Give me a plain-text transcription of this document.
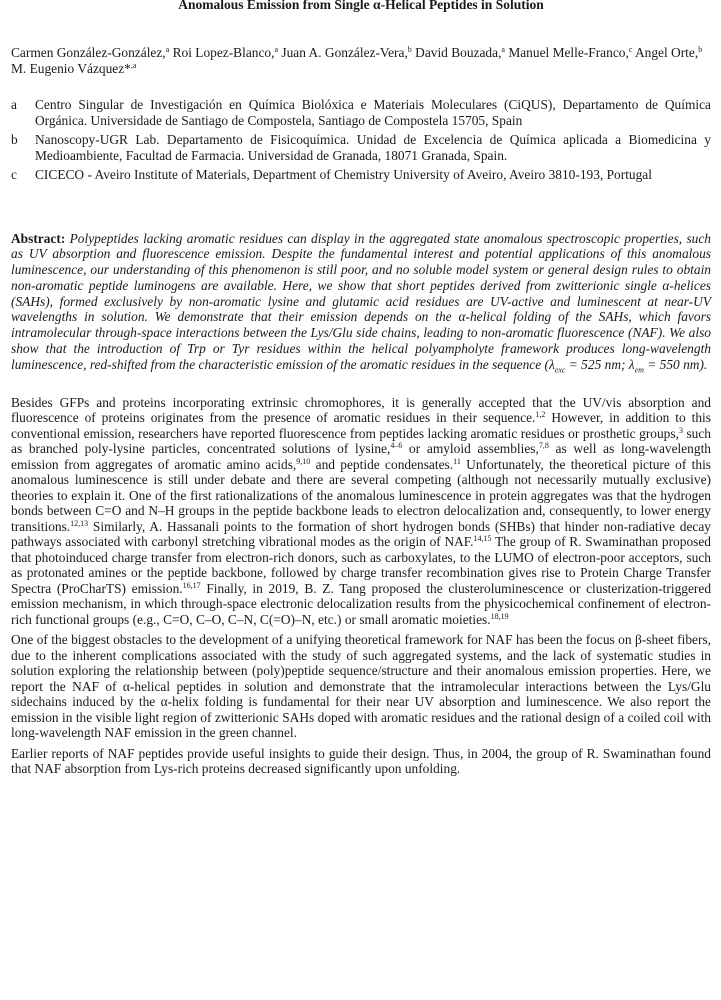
Anomalous Emission from Single α-Helical Peptides in Solution
Carmen González-González,$^a$ Roi Lopez-Blanco,$^a$ Juan A. González-Vera,$^b$ David Bouzada,$^a$ Manuel Melle-Franco,$^c$ Angel Orte,$^b$ M. Eugenio Vázquez*$^{,a}$
a	Centro Singular de Investigación en Química Biolóxica e Materiais Moleculares (CiQUS), Departamento de Química Orgánica. Universidade de Santiago de Compostela, Santiago de Compostela 15705, Spain
b	Nanoscopy-UGR Lab. Departamento de Fisicoquímica. Unidad de Excelencia de Química aplicada a Biomedicina y Medioambiente, Facultad de Farmacia. Universidad de Granada, 18071 Granada, Spain.
c	CICECO - Aveiro Institute of Materials, Department of Chemistry University of Aveiro, Aveiro 3810-193, Portugal
Abstract: Polypeptides lacking aromatic residues can display in the aggregated state anomalous spectroscopic properties, such as UV absorption and fluorescence emission. Despite the fundamental interest and potential applications of this anomalous luminescence, our understanding of this phenomenon is still poor, and no soluble model system or general design rules to obtain non-aromatic peptide luminogens are available. Here, we show that short peptides derived from zwitterionic single α-helices (SAHs), formed exclusively by non-aromatic lysine and glutamic acid residues are UV-active and luminescent at near-UV wavelengths in solution. We demonstrate that their emission depends on the α-helical folding of the SAHs, which favors intramolecular through-space interactions between the Lys/Glu side chains, leading to non-aromatic fluorescence (NAF). We also show that the introduction of Trp or Tyr residues within the helical polyampholyte framework produces long-wavelength luminescence, red-shifted from the characteristic emission of the aromatic residues in the sequence ($\lambda_{exc} = 525$ nm; $\lambda_{em} = 550$ nm).

Besides GFPs and proteins incorporating extrinsic chromophores, it is generally accepted that the UV/vis absorption and fluorescence of proteins originates from the presence of aromatic residues in their sequence.$^{1,2}$ However, in addition to this conventional emission, researchers have reported fluorescence from peptides lacking aromatic residues or prosthetic groups,$^3$ such as branched poly-lysine particles, concentrated solutions of lysine,$^{4-6}$ or amyloid assemblies,$^{7,8}$ as well as long-wavelength emission from aggregates of aromatic amino acids,$^{9,10}$ and peptide condensates.$^{11}$ Unfortunately, the theoretical picture of this anomalous luminescence is still under debate and there are several competing (although not necessarily mutually exclusive) theories to explain it. One of the first rationalizations of the anomalous luminescence in protein aggregates was that the hydrogen bonds between C=O and N–H groups in the peptide backbone leads to electron delocalization and, consequently, to lower energy transitions.$^{12,13}$ Similarly, A. Hassanali points to the formation of short hydrogen bonds (SHBs) that hinder non-radiative decay pathways associated with carbonyl stretching vibrational modes as the origin of NAF.$^{14,15}$ The group of R. Swaminathan proposed that photoinduced charge transfer from electron-rich donors, such as carboxylates, to the LUMO of electron-poor acceptors, such as protonated amines or the peptide backbone, followed by charge transfer recombination gives rise to Protein Charge Transfer Spectra (ProCharTS) emission.$^{16,17}$ Finally, in 2019, B. Z. Tang proposed the clusteroluminescence or clusterization-triggered emission mechanism, in which through-space electronic delocalization results from the physicochemical confinement of electron-rich functional groups (e.g., C=O, C–O, C–N, C(=O)–N, etc.) or small aromatic moieties.$^{18,19}$

One of the biggest obstacles to the development of a unifying theoretical framework for NAF has been the focus on β-sheet fibers, due to the inherent complications associated with the study of such aggregated systems, and the lack of systematic studies in solution exploring the relationship between (poly)peptide sequence/structure and their anomalous emission properties. Here, we report the NAF of α-helical peptides in solution and demonstrate that the intramolecular interactions between the Lys/Glu sidechains induced by the α-helix folding is fundamental for their near UV absorption and luminescence. We also report the emission in the visible light region of zwitterionic SAHs doped with aromatic residues and the rational design of a coiled coil with long-wavelength NAF emission in the green channel.

Earlier reports of NAF peptides provide useful insights to guide their design. Thus, in 2004, the group of R. Swaminathan found that NAF absorption from Lys-rich proteins decreased significantly upon unfolding.
